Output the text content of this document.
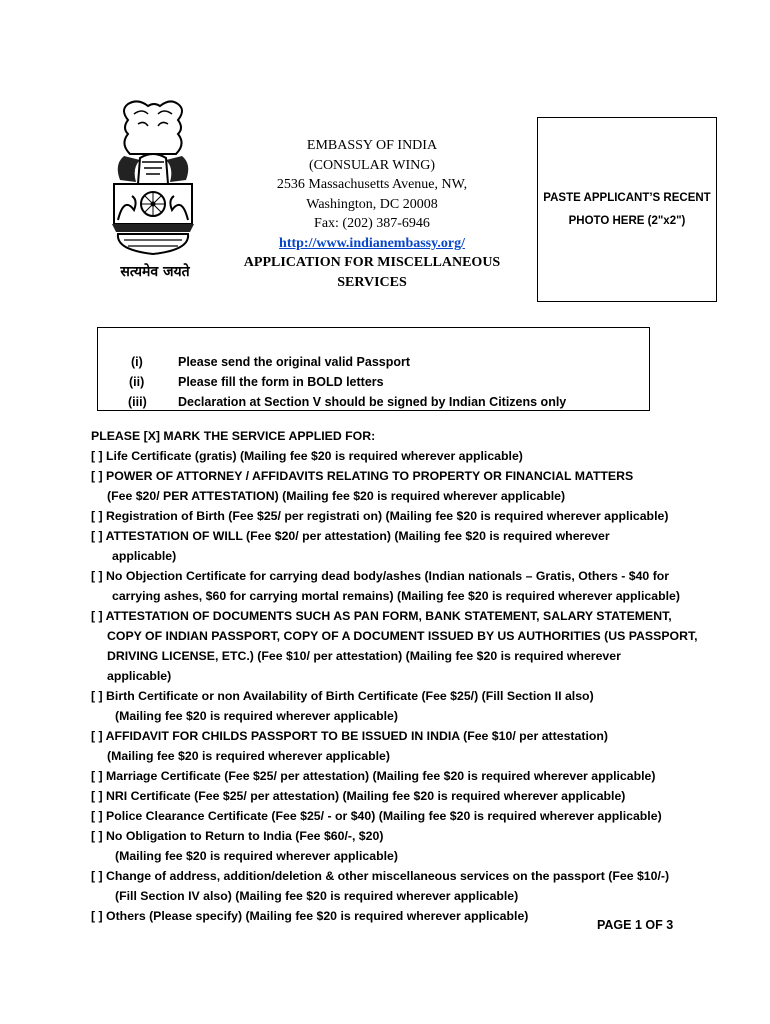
सत्यमेव जयते
EMBASSY OF INDIA
(CONSULAR WING)
2536 Massachusetts Avenue, NW,
Washington, DC 20008
Fax: (202) 387-6946
http://www.indianembassy.org/
APPLICATION FOR MISCELLANEOUS SERVICES
PASTE APPLICANT’S RECENT
PHOTO HERE (2"x2")
(i)	Please send the original valid Passport
(ii)	Please fill the form in BOLD letters
(iii)	Declaration at Section V should be signed by Indian Citizens only
PLEASE [X] MARK THE SERVICE APPLIED FOR:
[ ] Life Certificate (gratis) (Mailing fee $20 is required wherever applicable)
[ ] POWER OF ATTORNEY / AFFIDAVITS RELATING TO PROPERTY OR FINANCIAL MATTERS
(Fee $20/ PER ATTESTATION) (Mailing fee $20 is required wherever applicable)
[ ] Registration of Birth (Fee $25/ per registrati on) (Mailing fee $20 is required wherever applicable)
[ ] ATTESTATION OF WILL (Fee $20/ per attestation) (Mailing fee $20 is required wherever
applicable)
[ ] No Objection Certificate for carrying dead body/ashes (Indian nationals – Gratis, Others - $40 for
carrying ashes, $60 for carrying mortal remains) (Mailing fee $20 is required wherever applicable)
[ ] ATTESTATION OF DOCUMENTS SUCH AS PAN FORM, BANK STATEMENT, SALARY STATEMENT,
COPY OF INDIAN PASSPORT, COPY OF A DOCUMENT ISSUED BY US AUTHORITIES (US PASSPORT,
DRIVING LICENSE, ETC.) (Fee $10/ per attestation) (Mailing fee $20 is required wherever
applicable)
[ ] Birth Certificate or non Availability of Birth Certificate (Fee $25/) (Fill Section II also)
(Mailing fee $20 is required wherever applicable)
[ ] AFFIDAVIT FOR CHILDS PASSPORT TO BE ISSUED IN INDIA (Fee $10/ per attestation)
(Mailing fee $20 is required wherever applicable)
[ ] Marriage Certificate (Fee $25/ per attestation) (Mailing fee $20 is required wherever applicable)
[ ] NRI Certificate (Fee $25/ per attestation) (Mailing fee $20 is required wherever applicable)
[ ] Police Clearance Certificate (Fee $25/ - or $40) (Mailing fee $20 is required wherever applicable)
[ ] No Obligation to Return to India (Fee $60/-, $20)
(Mailing fee $20 is required wherever applicable)
[ ] Change of address, addition/deletion & other miscellaneous services on the passport (Fee $10/-)
(Fill Section IV also) (Mailing fee $20 is required wherever applicable)
[ ] Others (Please specify) (Mailing fee $20 is required wherever applicable)
PAGE 1 OF 3
